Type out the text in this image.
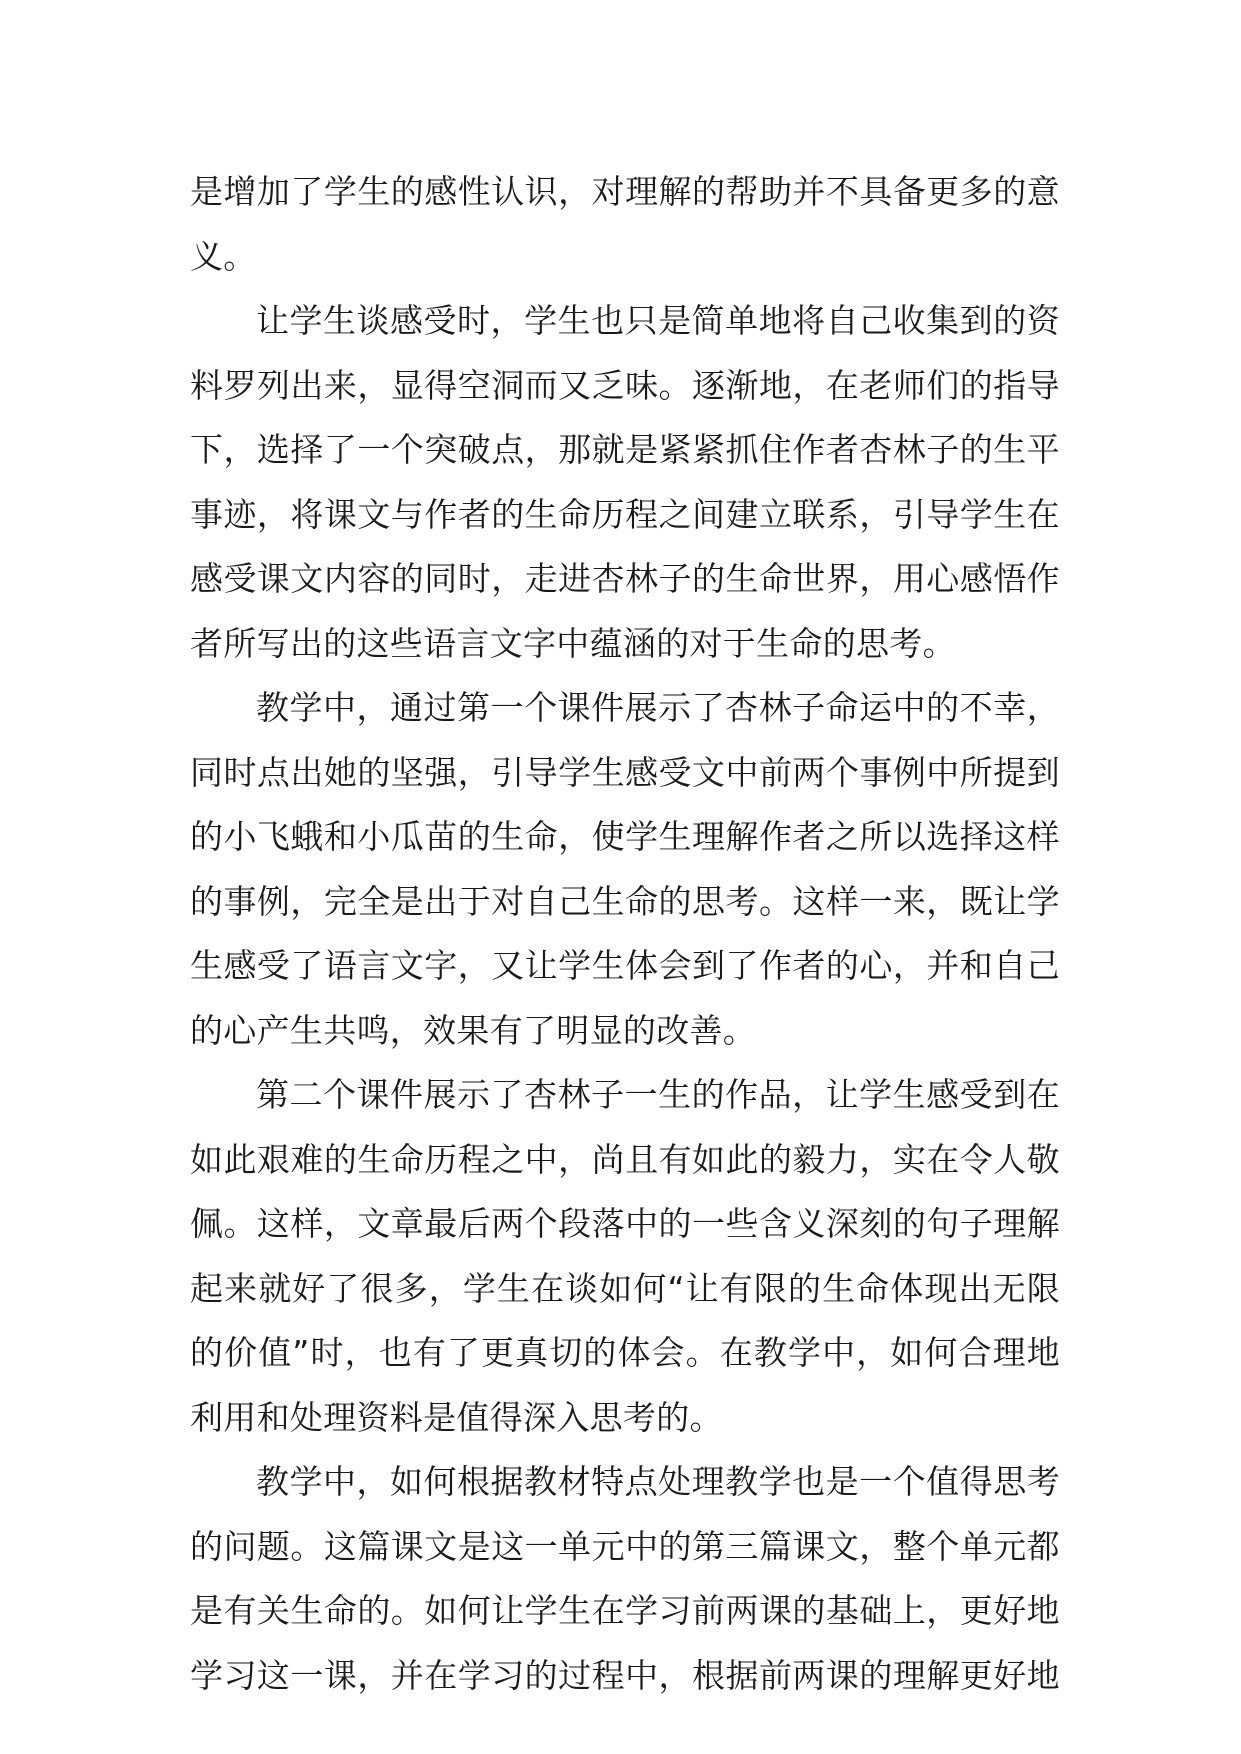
是增加了学生的感性认识，对理解的帮助并不具备更多的意
义。
让学生谈感受时，学生也只是简单地将自己收集到的资
料罗列出来，显得空洞而又乏味。逐渐地，在老师们的指导
下，选择了一个突破点，那就是紧紧抓住作者杏林子的生平
事迹，将课文与作者的生命历程之间建立联系，引导学生在
感受课文内容的同时，走进杏林子的生命世界，用心感悟作
者所写出的这些语言文字中蕴涵的对于生命的思考。
教学中，通过第一个课件展示了杏林子命运中的不幸，
同时点出她的坚强，引导学生感受文中前两个事例中所提到
的小飞蛾和小瓜苗的生命，使学生理解作者之所以选择这样
的事例，完全是出于对自己生命的思考。这样一来，既让学
生感受了语言文字，又让学生体会到了作者的心，并和自己
的心产生共鸣，效果有了明显的改善。
第二个课件展示了杏林子一生的作品，让学生感受到在
如此艰难的生命历程之中，尚且有如此的毅力，实在令人敬
佩。这样，文章最后两个段落中的一些含义深刻的句子理解
起来就好了很多，学生在谈如何“让有限的生命体现出无限
的价值”时，也有了更真切的体会。在教学中，如何合理地
利用和处理资料是值得深入思考的。
教学中，如何根据教材特点处理教学也是一个值得思考
的问题。这篇课文是这一单元中的第三篇课文，整个单元都
是有关生命的。如何让学生在学习前两课的基础上，更好地
学习这一课，并在学习的过程中，根据前两课的理解更好地
